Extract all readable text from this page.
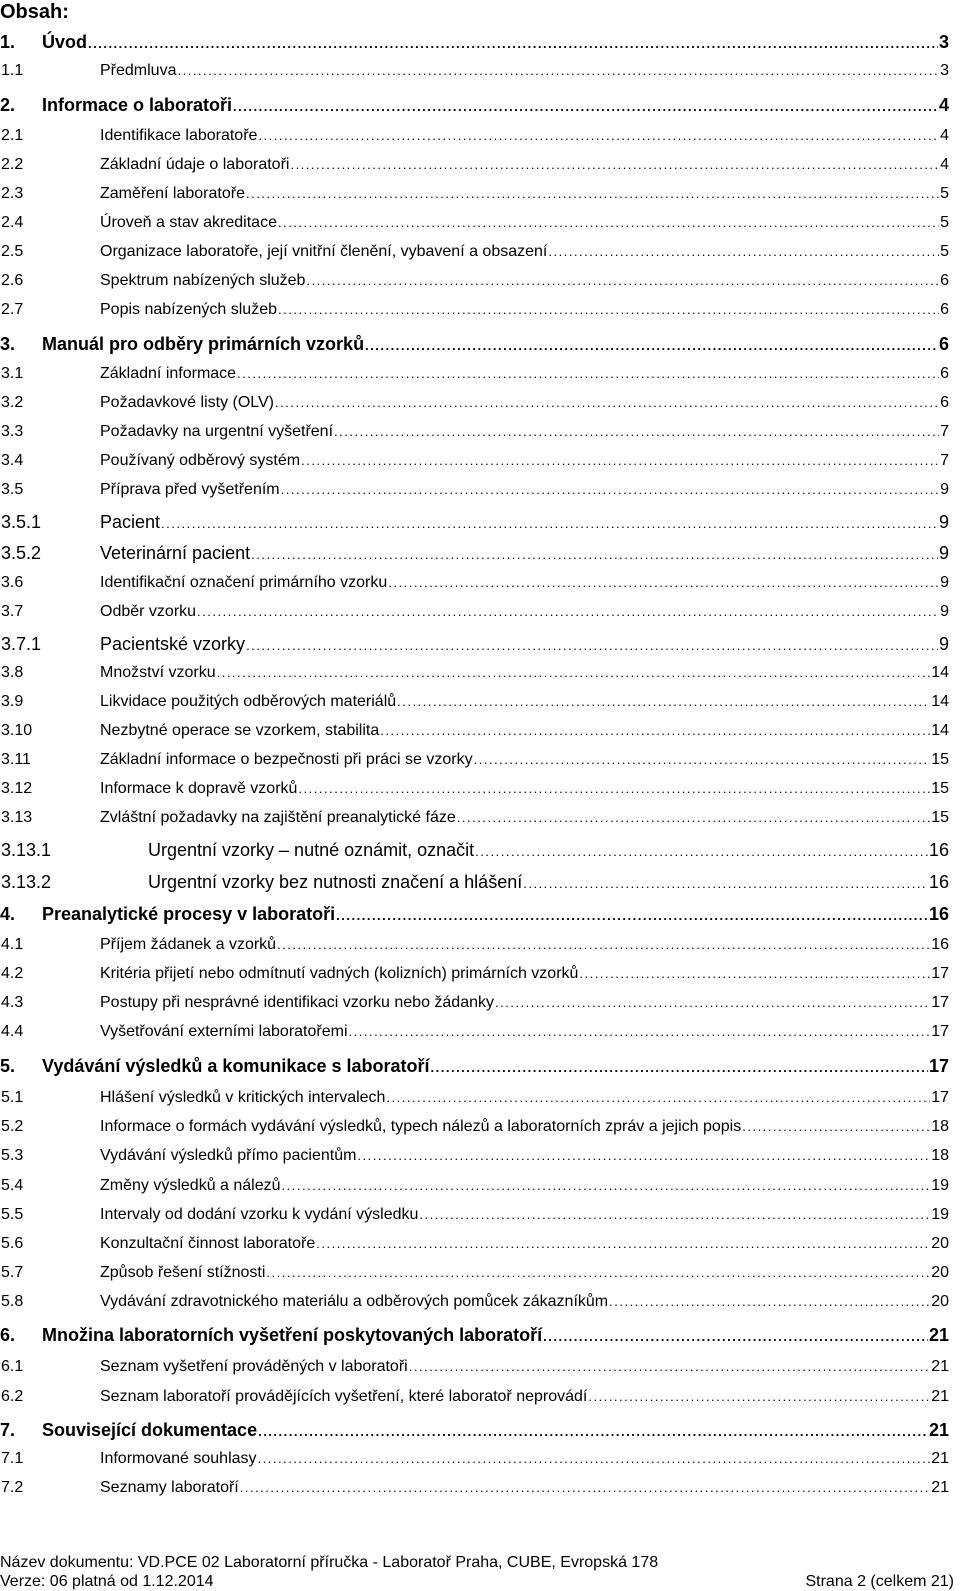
Obsah:
1.	Úvod .....	3
1.1	Předmluva .....	3
2.	Informace o laboratoři .....	4
2.1	Identifikace laboratoře .....	4
2.2	Základní údaje o laboratoři .....	4
2.3	Zaměření laboratoře .....	5
2.4	Úroveň a stav akreditace .....	5
2.5	Organizace laboratoře, její vnitřní členění, vybavení a obsazení .....	5
2.6	Spektrum nabízených služeb .....	6
2.7	Popis nabízených služeb .....	6
3.	Manuál pro odběry primárních vzorků .....	6
3.1	Základní informace .....	6
3.2	Požadavkové listy (OLV) .....	6
3.3	Požadavky na urgentní vyšetření .....	7
3.4	Používaný odběrový systém .....	7
3.5	Příprava před vyšetřením .....	9
3.5.1	Pacient .....	9
3.5.2	Veterinární pacient .....	9
3.6	Identifikační označení primárního vzorku .....	9
3.7	Odběr vzorku .....	9
3.7.1	Pacientské vzorky .....	9
3.8	Množství vzorku .....	14
3.9	Likvidace použitých odběrových materiálů .....	14
3.10	Nezbytné operace se vzorkem, stabilita .....	14
3.11	Základní informace o bezpečnosti při práci se vzorky .....	15
3.12	Informace k dopravě vzorků .....	15
3.13	Zvláštní požadavky na zajištění preanalytické fáze .....	15
3.13.1	Urgentní vzorky – nutné oznámit, označit .....	16
3.13.2	Urgentní vzorky bez nutnosti značení a hlášení .....	16
4.	Preanalytické procesy v laboratoři .....	16
4.1	Příjem žádanek a vzorků .....	16
4.2	Kritéria přijetí nebo odmítnutí vadných (kolizních) primárních vzorků .....	17
4.3	Postupy při nesprávné identifikaci vzorku nebo žádanky .....	17
4.4	Vyšetřování externími laboratořemi .....	17
5.	Vydávání výsledků a komunikace s laboratoří .....	17
5.1	Hlášení výsledků v kritických intervalech .....	17
5.2	Informace o formách vydávání výsledků, typech nálezů a laboratorních zpráv a jejich popis .....	18
5.3	Vydávání výsledků přímo pacientům .....	18
5.4	Změny výsledků a nálezů .....	19
5.5	Intervaly od dodání vzorku k vydání výsledku .....	19
5.6	Konzultační činnost laboratoře .....	20
5.7	Způsob řešení stížnosti .....	20
5.8	Vydávání zdravotnického materiálu a odběrových pomůcek zákazníkům .....	20
6.	Množina laboratorních vyšetření poskytovaných laboratoří .....	21
6.1	Seznam vyšetření prováděných v laboratoři .....	21
6.2	Seznam laboratoří provádějících vyšetření, které laboratoř neprovádí .....	21
7.	Související dokumentace .....	21
7.1	Informované souhlasy .....	21
7.2	Seznamy laboratoří .....	21
Název dokumentu: VD.PCE 02 Laboratorní příručka - Laboratoř Praha, CUBE, Evropská 178
Verze: 06 platná od 1.12.2014	Strana 2 (celkem 21)
